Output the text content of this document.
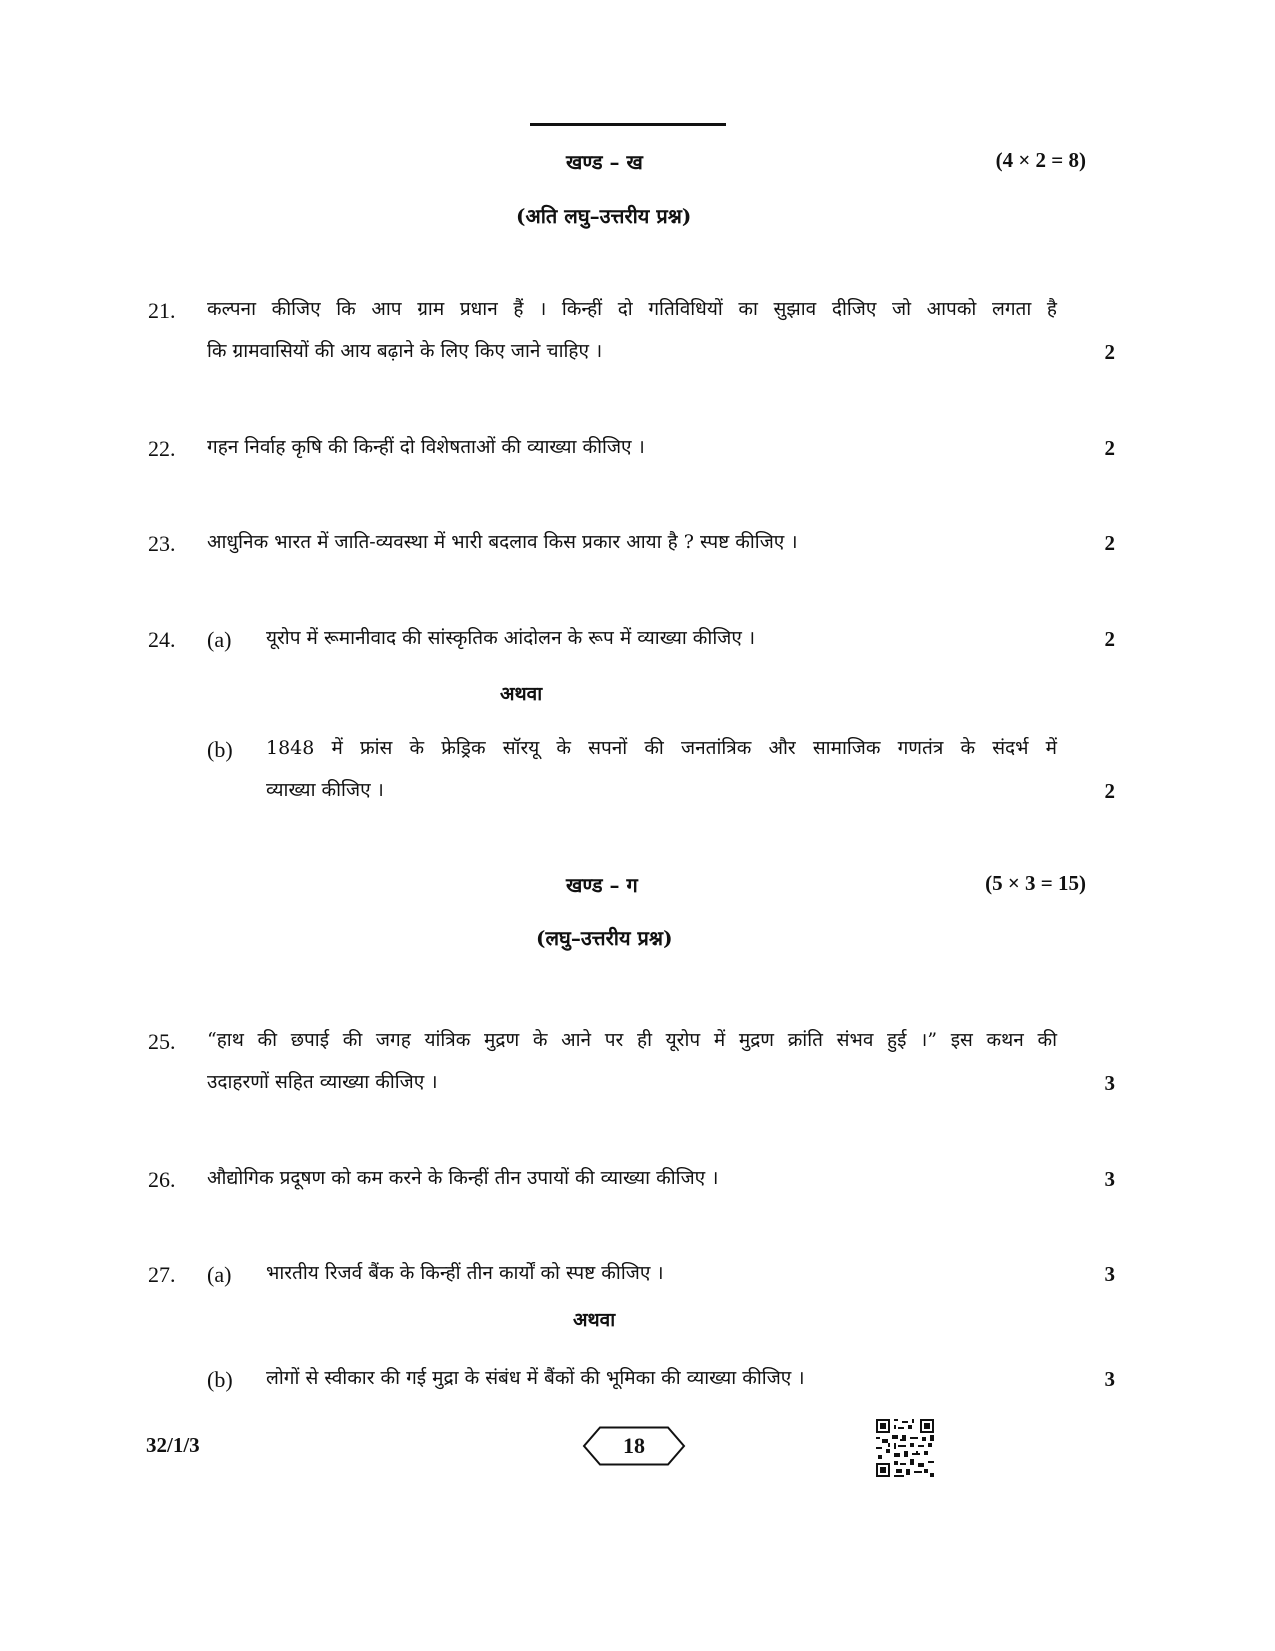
खण्ड – ख	(4 × 2 = 8)
(अति लघु–उत्तरीय प्रश्न)
21. कल्पना कीजिए कि आप ग्राम प्रधान हैं । किन्हीं दो गतिविधियों का सुझाव दीजिए जो आपको लगता है
कि ग्रामवासियों की आय बढ़ाने के लिए किए जाने चाहिए ।	2
22. गहन निर्वाह कृषि की किन्हीं दो विशेषताओं की व्याख्या कीजिए ।	2
23. आधुनिक भारत में जाति-व्यवस्था में भारी बदलाव किस प्रकार आया है ? स्पष्ट कीजिए ।	2
24. (a) यूरोप में रूमानीवाद की सांस्कृतिक आंदोलन के रूप में व्याख्या कीजिए ।	2
अथवा
(b) 1848 में फ्रांस के फ्रेड्रिक सॉरयू के सपनों की जनतांत्रिक और सामाजिक गणतंत्र के संदर्भ में
व्याख्या कीजिए ।	2
खण्ड – ग	(5 × 3 = 15)
(लघु–उत्तरीय प्रश्न)
25. “हाथ की छपाई की जगह यांत्रिक मुद्रण के आने पर ही यूरोप में मुद्रण क्रांति संभव हुई ।” इस कथन की
उदाहरणों सहित व्याख्या कीजिए ।	3
26. औद्योगिक प्रदूषण को कम करने के किन्हीं तीन उपायों की व्याख्या कीजिए ।	3
27. (a) भारतीय रिजर्व बैंक के किन्हीं तीन कार्यों को स्पष्ट कीजिए ।	3
अथवा
(b) लोगों से स्वीकार की गई मुद्रा के संबंध में बैंकों की भूमिका की व्याख्या कीजिए ।	3
32/1/3	18
